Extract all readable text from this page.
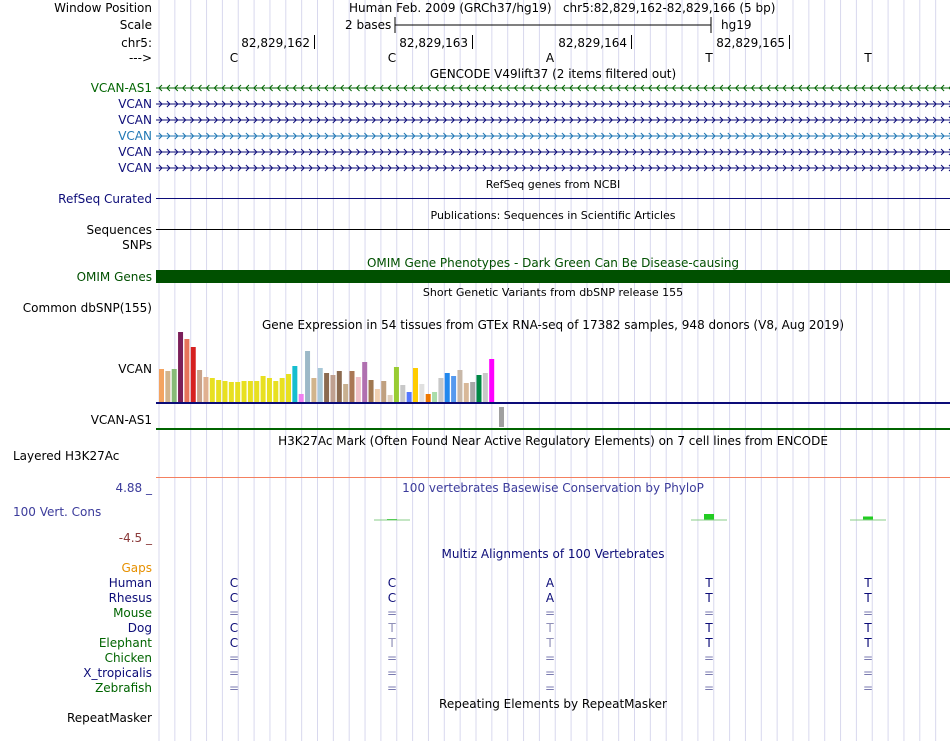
Window Position	Human Feb. 2009 (GRCh37/hg19)   chr5:82,829,162-82,829,166 (5 bp)
Scale	2 bases	hg19
chr5:	82,829,162	82,829,163	82,829,164	82,829,165
--->	C	C	A	T	T
GENCODE V49lift37 (2 items filtered out)
VCAN-AS1
VCAN
VCAN
VCAN
VCAN
VCAN
RefSeq genes from NCBI
RefSeq Curated
Publications: Sequences in Scientific Articles
Sequences
SNPs
OMIM Gene Phenotypes - Dark Green Can Be Disease-causing
OMIM Genes
Short Genetic Variants from dbSNP release 155
Common dbSNP(155)
Gene Expression in 54 tissues from GTEx RNA-seq of 17382 samples, 948 donors (V8, Aug 2019)
VCAN
VCAN-AS1
H3K27Ac Mark (Often Found Near Active Regulatory Elements) on 7 cell lines from ENCODE
Layered H3K27Ac
100 vertebrates Basewise Conservation by PhyloP
4.88 _
100 Vert. Cons
-4.5 _
Multiz Alignments of 100 Vertebrates
Gaps
Human	C	C	A	T	T
Rhesus	C	C	A	T	T
Mouse	=	=	=	=	=
Dog	C	T	T	T	T
Elephant	C	T	T	T	T
Chicken	=	=	=	=	=
X_tropicalis	=	=	=	=	=
Zebrafish	=	=	=	=	=
Repeating Elements by RepeatMasker
RepeatMasker
